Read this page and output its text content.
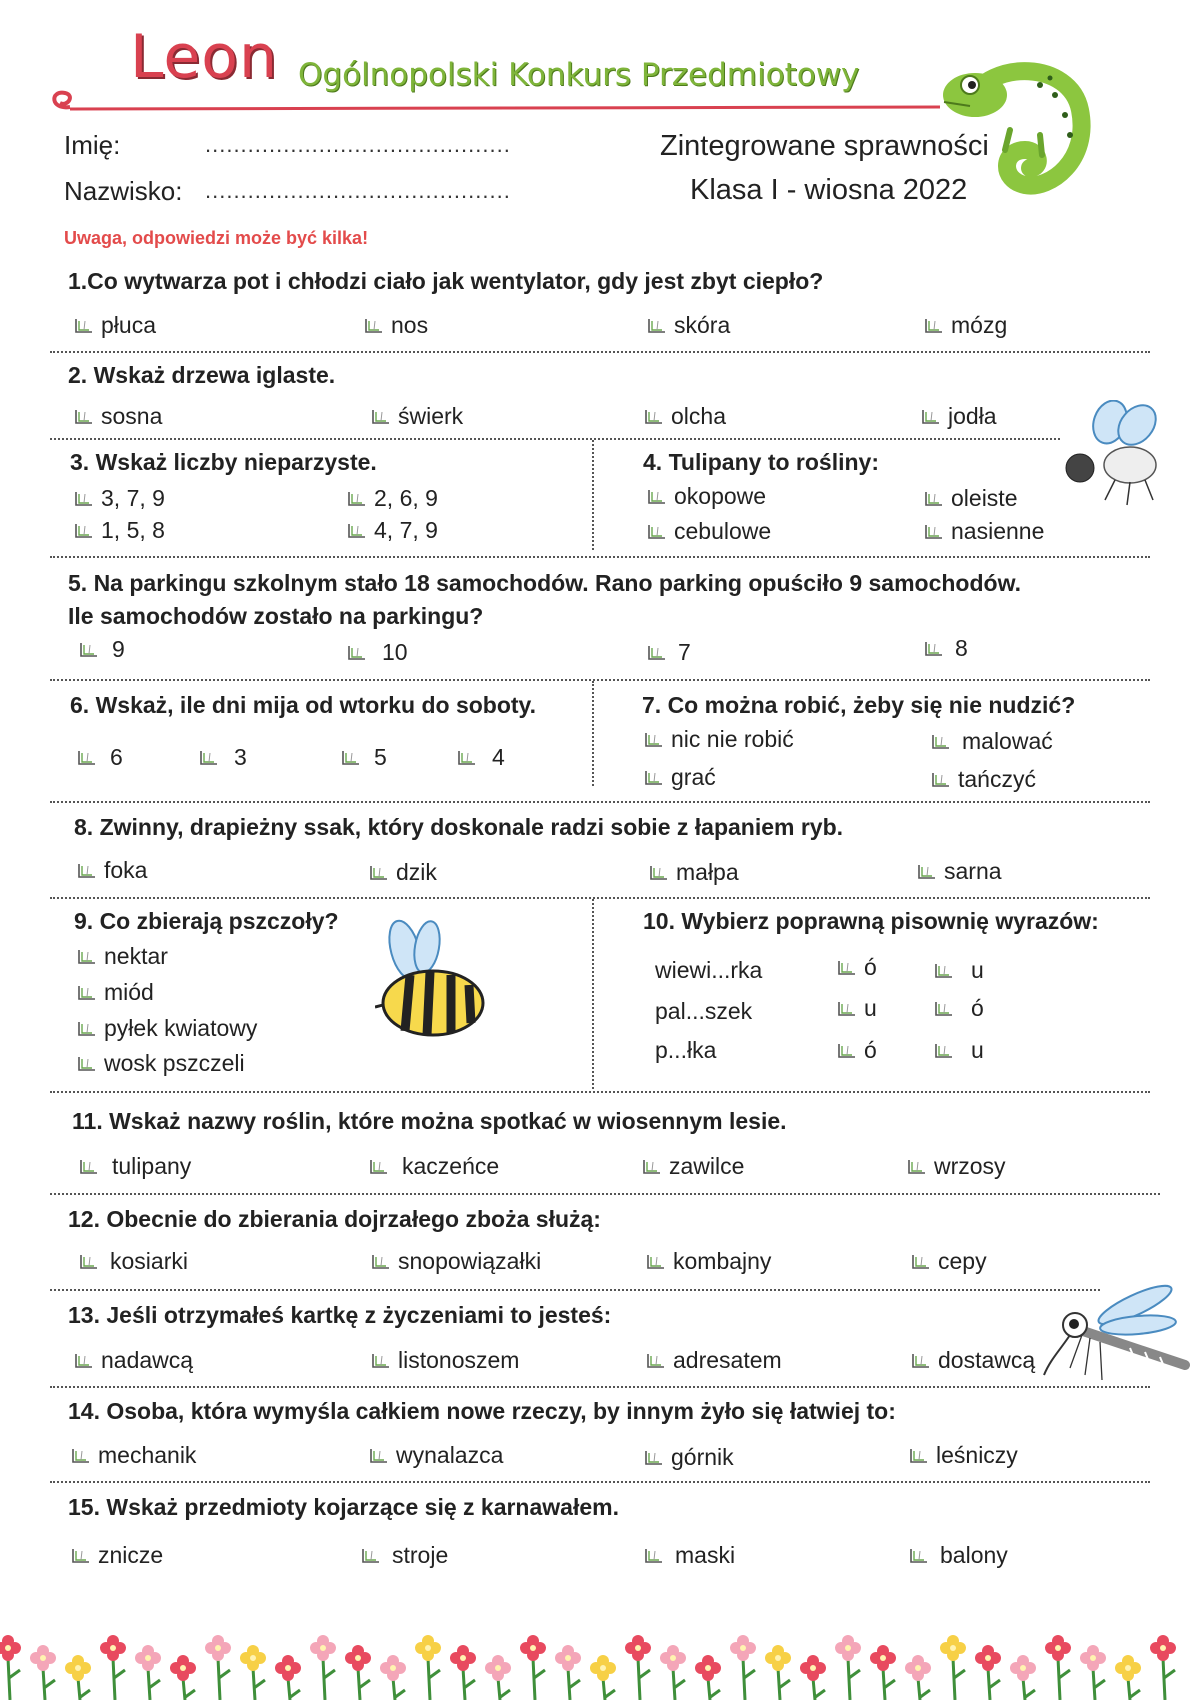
Leon Ogólnopolski Konkurs Przedmiotowy
Imię:	...........................................
Nazwisko: ...........................................
Zintegrowane sprawności
Klasa I - wiosna 2022
Uwaga, odpowiedzi może być kilka!
1.Co wytwarza pot i chłodzi ciało jak wentylator, gdy jest zbyt ciepło?
płuca	nos	skóra	mózg
2. Wskaż drzewa iglaste.
sosna	świerk	olcha	jodła
3. Wskaż liczby nieparzyste.
3, 7, 9	2, 6, 9
1, 5, 8	4, 7, 9
4. Tulipany to rośliny:
okopowe	oleiste
cebulowe	nasienne
5. Na parkingu szkolnym stało 18 samochodów. Rano parking opuściło 9 samochodów.
Ile samochodów zostało na parkingu?
9	10	7	8
6. Wskaż, ile dni mija od wtorku do soboty.
6	3	5	4
7. Co można robić, żeby się nie nudzić?
nic nie robić	malować
grać	tańczyć
8. Zwinny, drapieżny ssak, który doskonale radzi sobie z łapaniem ryb.
foka	dzik	małpa	sarna
9. Co zbierają pszczoły?
nektar
miód
pyłek kwiatowy
wosk pszczeli
10. Wybierz poprawną pisownię wyrazów:
wiewi...rka	ó	u
pal...szek	u	ó
p...łka	ó	u
11. Wskaż nazwy roślin, które można spotkać w wiosennym lesie.
tulipany	kaczeńce	zawilce	wrzosy
12. Obecnie do zbierania dojrzałego zboża służą:
kosiarki	snopowiązałki	kombajny	cepy
13. Jeśli otrzymałeś kartkę z życzeniami to jesteś:
nadawcą	listonoszem	adresatem	dostawcą
14. Osoba, która wymyśla całkiem nowe rzeczy, by innym żyło się łatwiej to:
mechanik	wynalazca	górnik	leśniczy
15. Wskaż przedmioty kojarzące się z karnawałem.
znicze	stroje	maski	balony
